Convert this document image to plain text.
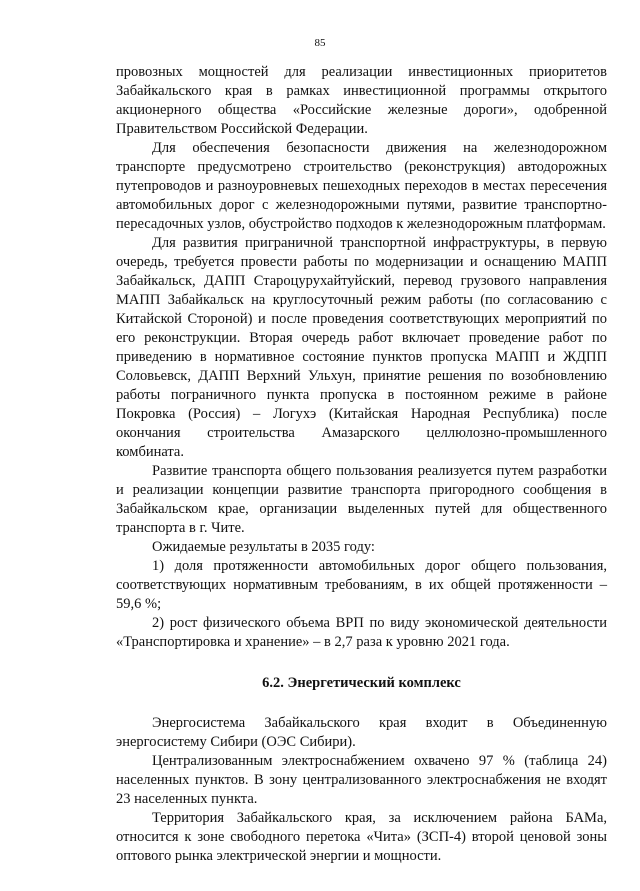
85

провозных мощностей для реализации инвестиционных приоритетов Забайкальского края в рамках инвестиционной программы открытого акционерного общества «Российские железные дороги», одобренной Правительством Российской Федерации.

Для обеспечения безопасности движения на железнодорожном транспорте предусмотрено строительство (реконструкция) автодорожных путепроводов и разноуровневых пешеходных переходов в местах пересечения автомобильных дорог с железнодорожными путями, развитие транспортно-пересадочных узлов, обустройство подходов к железнодорожным платформам.

Для развития приграничной транспортной инфраструктуры, в первую очередь, требуется провести работы по модернизации и оснащению МАПП Забайкальск, ДАПП Староцурухайтуйский, перевод грузового направления МАПП Забайкальск на круглосуточный режим работы (по согласованию с Китайской Стороной) и после проведения соответствующих мероприятий по его реконструкции. Вторая очередь работ включает проведение работ по приведению в нормативное состояние пунктов пропуска МАПП и ЖДПП Соловьевск, ДАПП Верхний Ульхун, принятие решения по возобновлению работы пограничного пункта пропуска в постоянном режиме в районе Покровка (Россия) – Логухэ (Китайская Народная Республика) после окончания строительства Амазарского целлюлозно-промышленного комбината.

Развитие транспорта общего пользования реализуется путем разработки и реализации концепции развитие транспорта пригородного сообщения в Забайкальском крае, организации выделенных путей для общественного транспорта в г. Чите.

Ожидаемые результаты в 2035 году:

1) доля протяженности автомобильных дорог общего пользования, соответствующих нормативным требованиям, в их общей протяженности – 59,6 %;

2) рост физического объема ВРП по виду экономической деятельности «Транспортировка и хранение» – в 2,7 раза к уровню 2021 года.

6.2. Энергетический комплекс

Энергосистема Забайкальского края входит в Объединенную энергосистему Сибири (ОЭС Сибири).

Централизованным электроснабжением охвачено 97 % (таблица 24) населенных пунктов. В зону централизованного электроснабжения не входят 23 населенных пункта.

Территория Забайкальского края, за исключением района БАМа, относится к зоне свободного перетока «Чита» (ЗСП-4) второй ценовой зоны оптового рынка электрической энергии и мощности.
